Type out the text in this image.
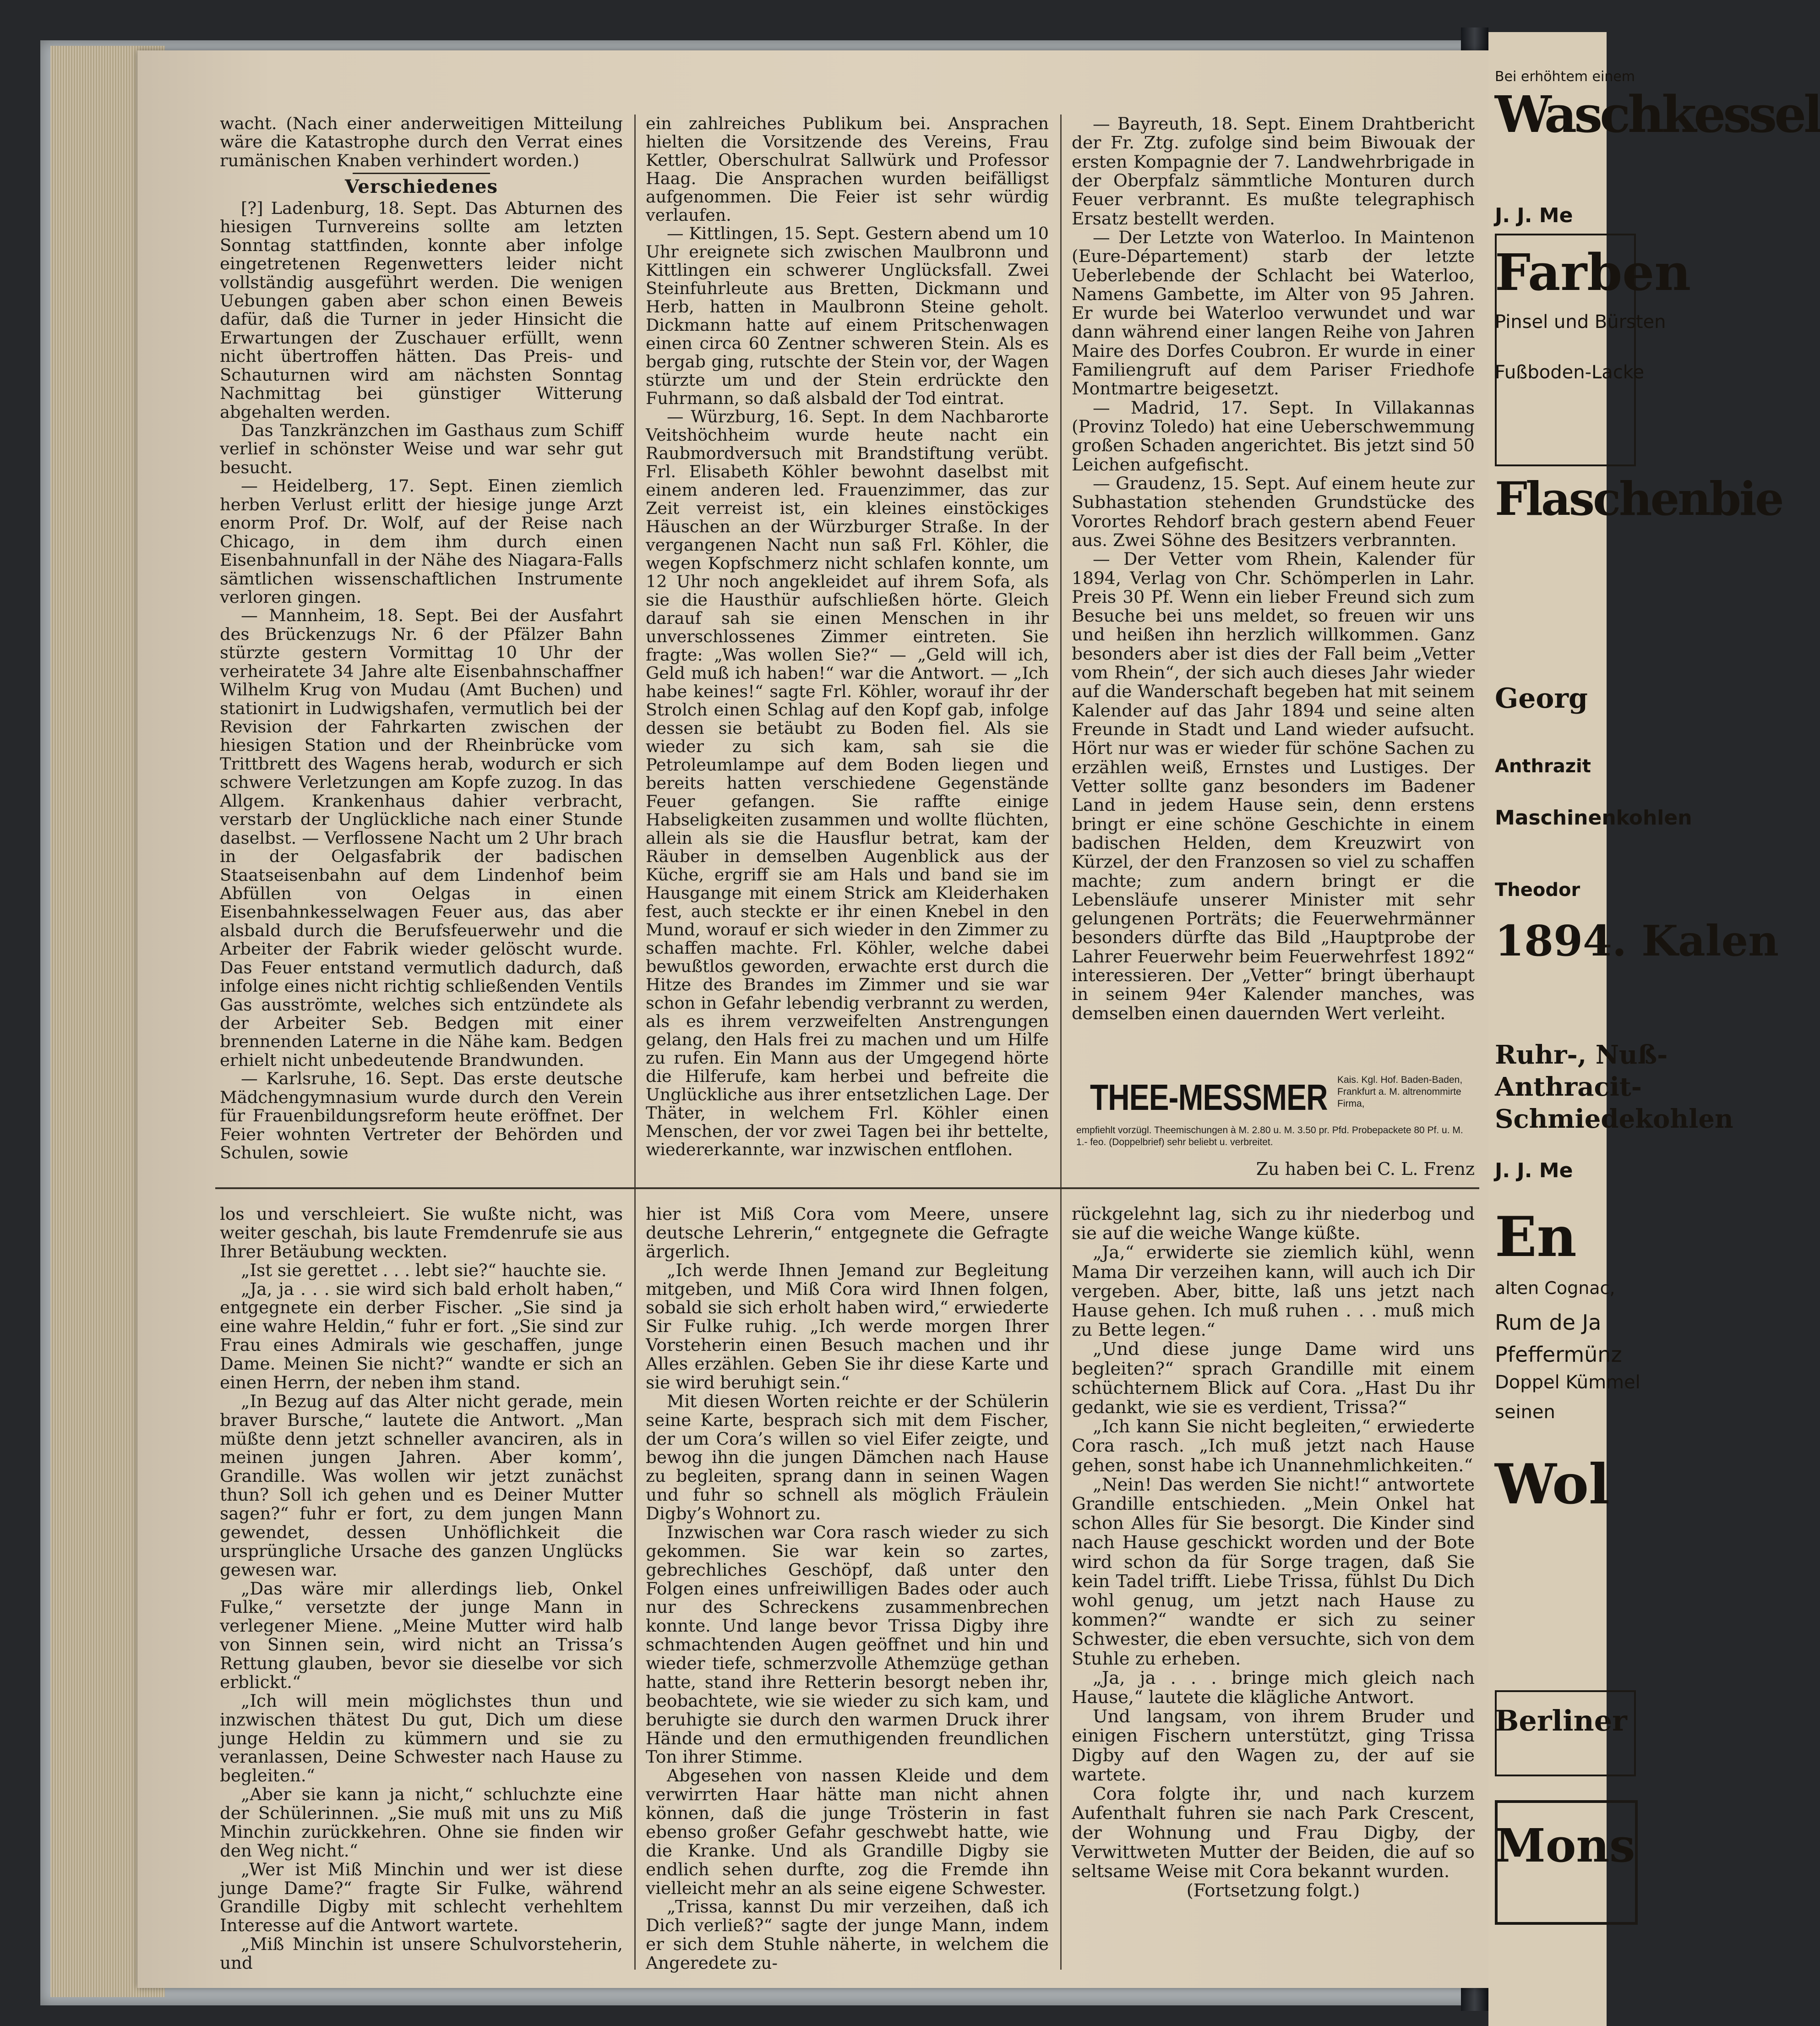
wacht. (Nach einer anderweitigen Mitteilung wäre die Katastrophe durch den Verrat eines rumänischen Knaben verhindert worden.)

Verschiedenes

[?] Ladenburg, 18. Sept. Das Abturnen des hiesigen Turnvereins sollte am letzten Sonntag stattfinden, konnte aber infolge eingetretenen Regenwetters leider nicht vollständig ausgeführt werden. Die wenigen Uebungen gaben aber schon einen Beweis dafür, daß die Turner in jeder Hinsicht die Erwartungen der Zuschauer erfüllt, wenn nicht übertroffen hätten. Das Preis- und Schauturnen wird am nächsten Sonntag Nachmittag bei günstiger Witterung abgehalten werden.

Das Tanzkränzchen im Gasthaus zum Schiff verlief in schönster Weise und war sehr gut besucht.

— Heidelberg, 17. Sept. Einen ziemlich herben Verlust erlitt der hiesige junge Arzt enorm Prof. Dr. Wolf, auf der Reise nach Chicago, in dem ihm durch einen Eisenbahnunfall in der Nähe des Niagara-Falls sämtlichen wissenschaftlichen Instrumente verloren gingen.

— Mannheim, 18. Sept. Bei der Ausfahrt des Brückenzugs Nr. 6 der Pfälzer Bahn stürzte gestern Vormittag 10 Uhr der verheiratete 34 Jahre alte Eisenbahnschaffner Wilhelm Krug von Mudau (Amt Buchen) und stationirt in Ludwigshafen, vermutlich bei der Revision der Fahrkarten zwischen der hiesigen Station und der Rheinbrücke vom Trittbrett des Wagens herab, wodurch er sich schwere Verletzungen am Kopfe zuzog. In das Allgem. Krankenhaus dahier verbracht, verstarb der Unglückliche nach einer Stunde daselbst. — Verflossene Nacht um 2 Uhr brach in der Oelgasfabrik der badischen Staatseisenbahn auf dem Lindenhof beim Abfüllen von Oelgas in einen Eisenbahnkesselwagen Feuer aus, das aber alsbald durch die Berufsfeuerwehr und die Arbeiter der Fabrik wieder gelöscht wurde. Das Feuer entstand vermutlich dadurch, daß infolge eines nicht richtig schließenden Ventils Gas ausströmte, welches sich entzündete als der Arbeiter Seb. Bedgen mit einer brennenden Laterne in die Nähe kam. Bedgen erhielt nicht unbedeutende Brandwunden.

— Karlsruhe, 16. Sept. Das erste deutsche Mädchengymnasium wurde durch den Verein für Frauenbildungsreform heute eröffnet. Der Feier wohnten Vertreter der Behörden und Schulen, sowie

ein zahlreiches Publikum bei. Ansprachen hielten die Vorsitzende des Vereins, Frau Kettler, Oberschulrat Sallwürk und Professor Haag. Die Ansprachen wurden beifälligst aufgenommen. Die Feier ist sehr würdig verlaufen.

— Kittlingen, 15. Sept. Gestern abend um 10 Uhr ereignete sich zwischen Maulbronn und Kittlingen ein schwerer Unglücksfall. Zwei Steinfuhrleute aus Bretten, Dickmann und Herb, hatten in Maulbronn Steine geholt. Dickmann hatte auf einem Pritschenwagen einen circa 60 Zentner schweren Stein. Als es bergab ging, rutschte der Stein vor, der Wagen stürzte um und der Stein erdrückte den Fuhrmann, so daß alsbald der Tod eintrat.

— Würzburg, 16. Sept. In dem Nachbarorte Veitshöchheim wurde heute nacht ein Raubmordversuch mit Brandstiftung verübt. Frl. Elisabeth Köhler bewohnt daselbst mit einem anderen led. Frauenzimmer, das zur Zeit verreist ist, ein kleines einstöckiges Häuschen an der Würzburger Straße. In der vergangenen Nacht nun saß Frl. Köhler, die wegen Kopfschmerz nicht schlafen konnte, um 12 Uhr noch angekleidet auf ihrem Sofa, als sie die Hausthür aufschließen hörte. Gleich darauf sah sie einen Menschen in ihr unverschlossenes Zimmer eintreten. Sie fragte: „Was wollen Sie?“ — „Geld will ich, Geld muß ich haben!“ war die Antwort. — „Ich habe keines!“ sagte Frl. Köhler, worauf ihr der Strolch einen Schlag auf den Kopf gab, infolge dessen sie betäubt zu Boden fiel. Als sie wieder zu sich kam, sah sie die Petroleumlampe auf dem Boden liegen und bereits hatten verschiedene Gegenstände Feuer gefangen. Sie raffte einige Habseligkeiten zusammen und wollte flüchten, allein als sie die Hausflur betrat, kam der Räuber in demselben Augenblick aus der Küche, ergriff sie am Hals und band sie im Hausgange mit einem Strick am Kleiderhaken fest, auch steckte er ihr einen Knebel in den Mund, worauf er sich wieder in den Zimmer zu schaffen machte. Frl. Köhler, welche dabei bewußtlos geworden, erwachte erst durch die Hitze des Brandes im Zimmer und sie war schon in Gefahr lebendig verbrannt zu werden, als es ihrem verzweifelten Anstrengungen gelang, den Hals frei zu machen und um Hilfe zu rufen. Ein Mann aus der Umgegend hörte die Hilferufe, kam herbei und befreite die Unglückliche aus ihrer entsetzlichen Lage. Der Thäter, in welchem Frl. Köhler einen Menschen, der vor zwei Tagen bei ihr bettelte, wiedererkannte, war inzwischen entflohen.

— Bayreuth, 18. Sept. Einem Drahtbericht der Fr. Ztg. zufolge sind beim Biwouak der ersten Kompagnie der 7. Landwehrbrigade in der Oberpfalz sämmtliche Monturen durch Feuer verbrannt. Es mußte telegraphisch Ersatz bestellt werden.

— Der Letzte von Waterloo. In Maintenon (Eure-Département) starb der letzte Ueberlebende der Schlacht bei Waterloo, Namens Gambette, im Alter von 95 Jahren. Er wurde bei Waterloo verwundet und war dann während einer langen Reihe von Jahren Maire des Dorfes Coubron. Er wurde in einer Familiengruft auf dem Pariser Friedhofe Montmartre beigesetzt.

— Madrid, 17. Sept. In Villakannas (Provinz Toledo) hat eine Ueberschwemmung großen Schaden angerichtet. Bis jetzt sind 50 Leichen aufgefischt.

— Graudenz, 15. Sept. Auf einem heute zur Subhastation stehenden Grundstücke des Vorortes Rehdorf brach gestern abend Feuer aus. Zwei Söhne des Besitzers verbrannten.

— Der Vetter vom Rhein, Kalender für 1894, Verlag von Chr. Schömperlen in Lahr. Preis 30 Pf. Wenn ein lieber Freund sich zum Besuche bei uns meldet, so freuen wir uns und heißen ihn herzlich willkommen. Ganz besonders aber ist dies der Fall beim „Vetter vom Rhein“, der sich auch dieses Jahr wieder auf die Wanderschaft begeben hat mit seinem Kalender auf das Jahr 1894 und seine alten Freunde in Stadt und Land wieder aufsucht. Hört nur was er wieder für schöne Sachen zu erzählen weiß, Ernstes und Lustiges. Der Vetter sollte ganz besonders im Badener Land in jedem Hause sein, denn erstens bringt er eine schöne Geschichte in einem badischen Helden, dem Kreuzwirt von Kürzel, der den Franzosen so viel zu schaffen machte; zum andern bringt er die Lebensläufe unserer Minister mit sehr gelungenen Porträts; die Feuerwehrmänner besonders dürfte das Bild „Hauptprobe der Lahrer Feuerwehr beim Feuerwehrfest 1892“ interessieren. Der „Vetter“ bringt überhaupt in seinem 94er Kalender manches, was demselben einen dauernden Wert verleiht.

THEE-MESSMER Kais. Kgl. Hof. Baden-Baden, Frankfurt a. M. altrenommirte Firma,
empfiehlt vorzügl. Theemischungen à M. 2.80 u. M. 3.50 pr. Pfd. Probepackete 80 Pf. u. M. 1.- feo. (Doppelbrief) sehr beliebt u. verbreitet.
Zu haben bei C. L. Frenz

los und verschleiert. Sie wußte nicht, was weiter geschah, bis laute Fremdenrufe sie aus Ihrer Betäubung weckten.

„Ist sie gerettet . . . lebt sie?“ hauchte sie.

„Ja, ja . . . sie wird sich bald erholt haben,“ entgegnete ein derber Fischer. „Sie sind ja eine wahre Heldin,“ fuhr er fort. „Sie sind zur Frau eines Admirals wie geschaffen, junge Dame. Meinen Sie nicht?“ wandte er sich an einen Herrn, der neben ihm stand.

„In Bezug auf das Alter nicht gerade, mein braver Bursche,“ lautete die Antwort. „Man müßte denn jetzt schneller avanciren, als in meinen jungen Jahren. Aber komm’, Grandille. Was wollen wir jetzt zunächst thun? Soll ich gehen und es Deiner Mutter sagen?“ fuhr er fort, zu dem jungen Mann gewendet, dessen Unhöflichkeit die ursprüngliche Ursache des ganzen Unglücks gewesen war.

„Das wäre mir allerdings lieb, Onkel Fulke,“ versetzte der junge Mann in verlegener Miene. „Meine Mutter wird halb von Sinnen sein, wird nicht an Trissa’s Rettung glauben, bevor sie dieselbe vor sich erblickt.“

„Ich will mein möglichstes thun und inzwischen thätest Du gut, Dich um diese junge Heldin zu kümmern und sie zu veranlassen, Deine Schwester nach Hause zu begleiten.“

„Aber sie kann ja nicht,“ schluchzte eine der Schülerinnen. „Sie muß mit uns zu Miß Minchin zurückkehren. Ohne sie finden wir den Weg nicht.“

„Wer ist Miß Minchin und wer ist diese junge Dame?“ fragte Sir Fulke, während Grandille Digby mit schlecht verhehltem Interesse auf die Antwort wartete.

„Miß Minchin ist unsere Schulvorsteherin, und

hier ist Miß Cora vom Meere, unsere deutsche Lehrerin,“ entgegnete die Gefragte ärgerlich.

„Ich werde Ihnen Jemand zur Begleitung mitgeben, und Miß Cora wird Ihnen folgen, sobald sie sich erholt haben wird,“ erwiederte Sir Fulke ruhig. „Ich werde morgen Ihrer Vorsteherin einen Besuch machen und ihr Alles erzählen. Geben Sie ihr diese Karte und sie wird beruhigt sein.“

Mit diesen Worten reichte er der Schülerin seine Karte, besprach sich mit dem Fischer, der um Cora’s willen so viel Eifer zeigte, und bewog ihn die jungen Dämchen nach Hause zu begleiten, sprang dann in seinen Wagen und fuhr so schnell als möglich Fräulein Digby’s Wohnort zu.

Inzwischen war Cora rasch wieder zu sich gekommen. Sie war kein so zartes, gebrechliches Geschöpf, daß unter den Folgen eines unfreiwilligen Bades oder auch nur des Schreckens zusammenbrechen konnte. Und lange bevor Trissa Digby ihre schmachtenden Augen geöffnet und hin und wieder tiefe, schmerzvolle Athemzüge gethan hatte, stand ihre Retterin besorgt neben ihr, beobachtete, wie sie wieder zu sich kam, und beruhigte sie durch den warmen Druck ihrer Hände und den ermuthigenden freundlichen Ton ihrer Stimme.

Abgesehen von nassen Kleide und dem verwirrten Haar hätte man nicht ahnen können, daß die junge Trösterin in fast ebenso großer Gefahr geschwebt hatte, wie die Kranke. Und als Grandille Digby sie endlich sehen durfte, zog die Fremde ihn vielleicht mehr an als seine eigene Schwester.

„Trissa, kannst Du mir verzeihen, daß ich Dich verließ?“ sagte der junge Mann, indem er sich dem Stuhle näherte, in welchem die Angeredete zu-

rückgelehnt lag, sich zu ihr niederbog und sie auf die weiche Wange küßte.

„Ja,“ erwiderte sie ziemlich kühl, wenn Mama Dir verzeihen kann, will auch ich Dir vergeben. Aber, bitte, laß uns jetzt nach Hause gehen. Ich muß ruhen . . . muß mich zu Bette legen.“

„Und diese junge Dame wird uns begleiten?“ sprach Grandille mit einem schüchternem Blick auf Cora. „Hast Du ihr gedankt, wie sie es verdient, Trissa?“

„Ich kann Sie nicht begleiten,“ erwiederte Cora rasch. „Ich muß jetzt nach Hause gehen, sonst habe ich Unannehmlichkeiten.“

„Nein! Das werden Sie nicht!“ antwortete Grandille entschieden. „Mein Onkel hat schon Alles für Sie besorgt. Die Kinder sind nach Hause geschickt worden und der Bote wird schon da für Sorge tragen, daß Sie kein Tadel trifft. Liebe Trissa, fühlst Du Dich wohl genug, um jetzt nach Hause zu kommen?“ wandte er sich zu seiner Schwester, die eben versuchte, sich von dem Stuhle zu erheben.

„Ja, ja . . . bringe mich gleich nach Hause,“ lautete die klägliche Antwort.

Und langsam, von ihrem Bruder und einigen Fischern unterstützt, ging Trissa Digby auf den Wagen zu, der auf sie wartete.

Cora folgte ihr, und nach kurzem Aufenthalt fuhren sie nach Park Crescent, der Wohnung und Frau Digby, der Verwittweten Mutter der Beiden, die auf so seltsame Weise mit Cora bekannt wurden.

(Fortsetzung folgt.)

Bei erhöhtem einem
Waschkessel
J. J. Me
Farben
Pinsel und Bürsten
Fußboden-Lacke
Flaschenbie
Georg
Anthrazit
Maschinenkohlen
Theodor
1894. Kalen
Ruhr-, Nuß-
Anthracit-
Schmiedekohlen
J. J. Me
En
alten Cognac,
Rum de Ja
Pfeffermünz
Doppel Kümmel
seinen
Wol
Berliner
Mons
